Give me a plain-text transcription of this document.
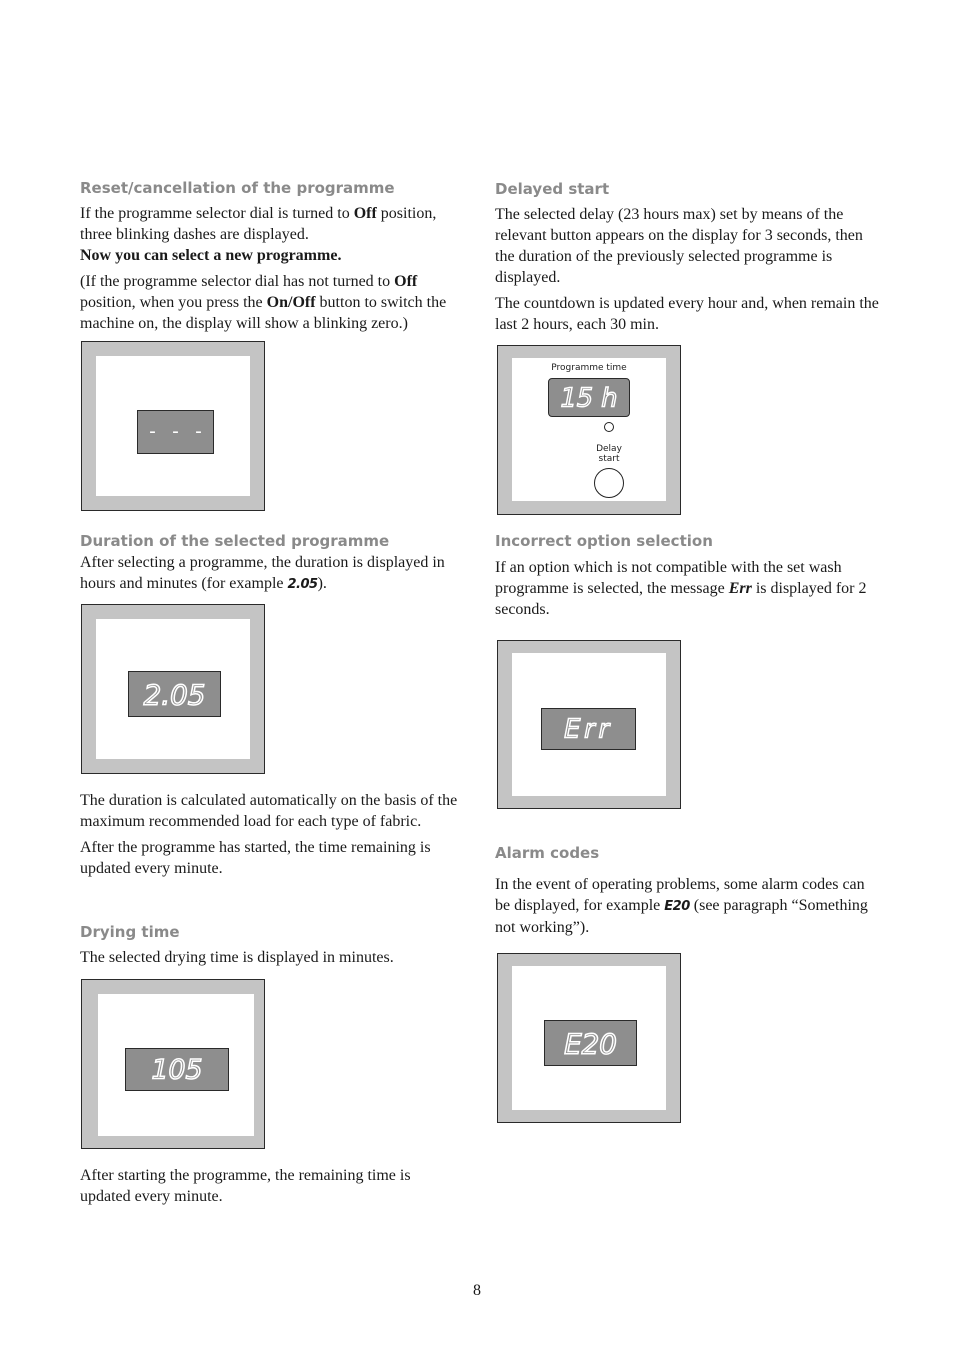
Reset/cancellation of the programme

If the programme selector dial is turned to Off position, three blinking dashes are displayed.
Now you can select a new programme.

(If the programme selector dial has not turned to Off position, when you press the On/Off button to switch the machine on, the display will show a blinking zero.)

- - -
Duration of the selected programme

After selecting a programme, the duration is displayed in hours and minutes (for example 2.05).

2.05

The duration is calculated automatically on the basis of the maximum recommended load for each type of fabric.

After the programme has started, the time remaining is updated every minute.

Drying time

The selected drying time is displayed in minutes.

105

After starting the programme, the remaining time is updated every minute.

Delayed start

The selected delay (23 hours max) set by means of the relevant button appears on the display for 3 seconds, then the duration of the previously selected programme is displayed.

The countdown is updated every hour and, when remain the last 2 hours, each 30 min.

Programme time
15 h
Delay
start
Incorrect option selection

If an option which is not compatible with the set wash programme is selected, the message Err is displayed for 2 seconds.

Err
Alarm codes

In the event of operating problems, some alarm codes can be displayed, for example E20 (see paragraph “Something not working”).

E20
8
